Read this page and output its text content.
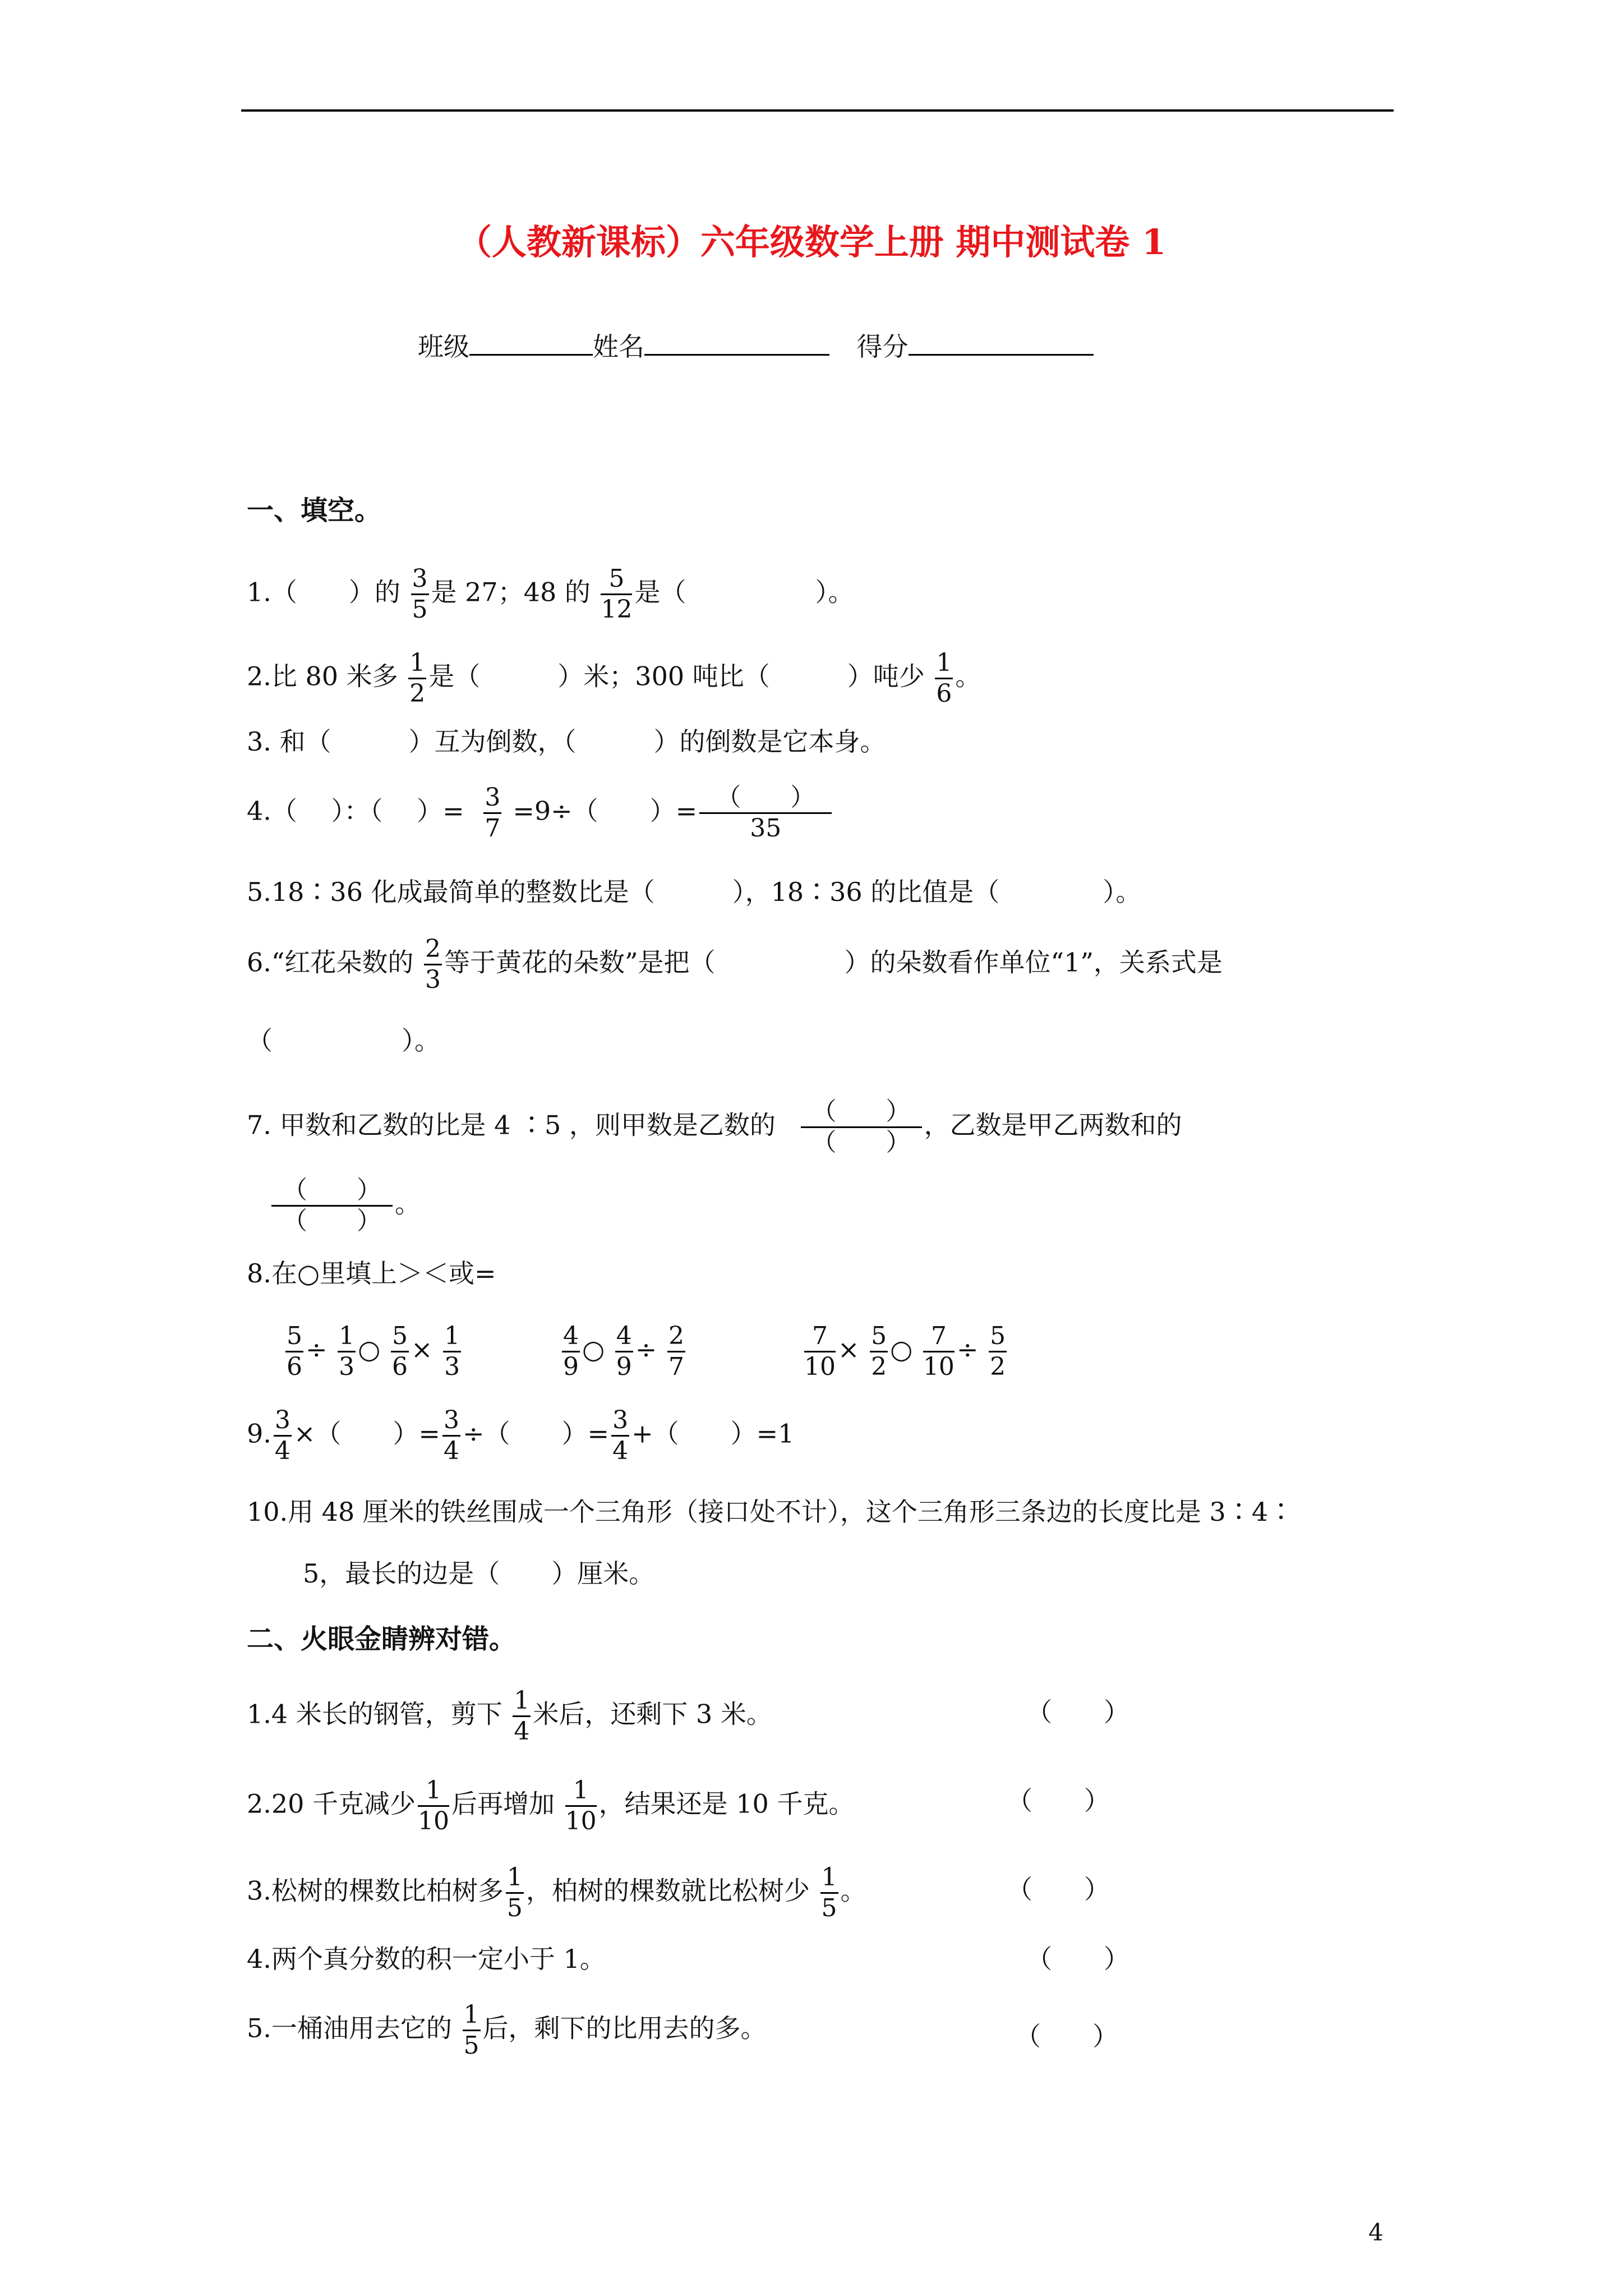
（人教新课标）六年级数学上册 期中测试卷 1
班级	姓名	得分
一、填空。
1.（　　）的 $\frac{3}{5}$ 是 27；48 的 $\frac{5}{12}$ 是（　　　　　）。
2.比 80 米多 $\frac{1}{2}$ 是（　　　）米；300 吨比（　　　）吨少 $\frac{1}{6}$ 。
3. 和（　　　）互为倒数，（　　　）的倒数是它本身。
4.（　 ）：（　 ）= $\frac{3}{7} =9\div$（　　）= $\frac{( )}{35}$
5.18∶36 化成最简单的整数比是（　　　），18∶36 的比值是（　　　　）。
6.“红花朵数的 $\frac{2}{3}$ 等于黄花的朵数”是把（　　　　　）的朵数看作单位“1”，关系式是
（　　　　　）。
7. 甲数和乙数的比是 4 ∶5 ，则甲数是乙数的 $\frac{( )}{( )}$ ，乙数是甲乙两数和的
$\frac{( )}{( )}$ 。
8.在○里填上＞＜或=
$\frac{5}{6} \div \frac{1}{3}$ ○ $\frac{5}{6} \times \frac{1}{3}$	$\frac{4}{9}$ ○ $\frac{4}{9} \div \frac{2}{7}$	$\frac{7}{10} \times \frac{5}{2}$ ○ $\frac{7}{10} \div \frac{5}{2}$
9. $\frac{3}{4}$ ×（　　）= $\frac{3}{4}$ ÷（　　）= $\frac{3}{4}$ +（　　）=1
10.用 48 厘米的铁丝围成一个三角形（接口处不计），这个三角形三条边的长度比是 3∶4∶
5，最长的边是（　　）厘米。
二、火眼金睛辨对错。
1.4 米长的钢管，剪下 $\frac{1}{4}$ 米后，还剩下 3 米。	（　　）
2.20 千克减少 $\frac{1}{10}$ 后再增加 $\frac{1}{10}$ ，结果还是 10 千克。	（　　）
3.松树的棵数比柏树多 $\frac{1}{5}$ ，柏树的棵数就比松树少 $\frac{1}{5}$ 。	（　　）
4.两个真分数的积一定小于 1。	（　　）
5.一桶油用去它的 $\frac{1}{5}$ 后，剩下的比用去的多。	（　　）
4
